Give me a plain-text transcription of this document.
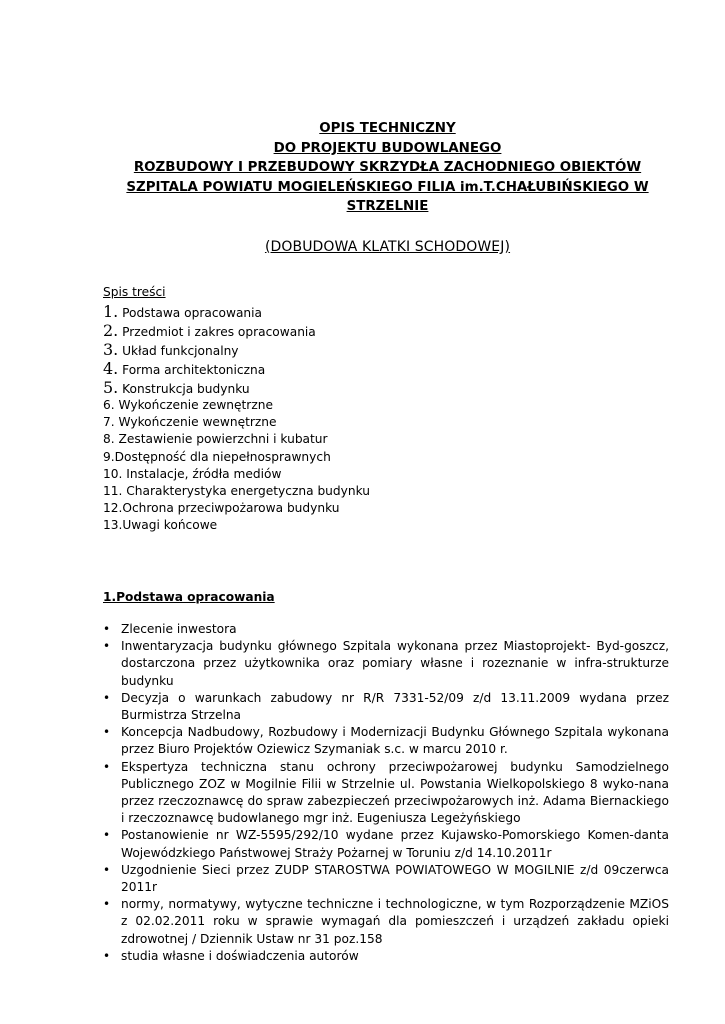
OPIS TECHNICZNY
DO PROJEKTU BUDOWLANEGO
ROZBUDOWY I PRZEBUDOWY SKRZYDŁA ZACHODNIEGO OBIEKTÓW
SZPITALA POWIATU MOGIELEŃSKIEGO FILIA im.T.CHAŁUBIŃSKIEGO W
STRZELNIE
(DOBUDOWA KLATKI SCHODOWEJ)
Spis treści
1. Podstawa opracowania
2. Przedmiot i zakres opracowania
3. Układ funkcjonalny
4. Forma architektoniczna
5. Konstrukcja budynku
6. Wykończenie zewnętrzne
7. Wykończenie wewnętrzne
8. Zestawienie powierzchni i kubatur
9.Dostępność dla niepełnosprawnych
10. Instalacje, źródła mediów
11. Charakterystyka energetyczna budynku
12.Ochrona przeciwpożarowa budynku
13.Uwagi końcowe
1.Podstawa opracowania
• Zlecenie inwestora
• Inwentaryzacja budynku głównego Szpitala wykonana przez Miastoprojekt- Byd-goszcz, dostarczona przez użytkownika oraz pomiary własne i rozeznanie w infra-strukturze budynku
• Decyzja o warunkach zabudowy nr R/R 7331-52/09 z/d 13.11.2009 wydana przez Burmistrza Strzelna
• Koncepcja Nadbudowy, Rozbudowy i Modernizacji Budynku Głównego Szpitala wykonana przez Biuro Projektów Oziewicz Szymaniak s.c. w marcu 2010 r.
• Ekspertyza techniczna stanu ochrony przeciwpożarowej budynku Samodzielnego Publicznego ZOZ w Mogilnie Filii w Strzelnie ul. Powstania Wielkopolskiego 8 wyko-nana przez rzeczoznawcę do spraw zabezpieczeń przeciwpożarowych inż. Adama Biernackiego i rzeczoznawcę budowlanego mgr inż. Eugeniusza Legeżyńskiego
• Postanowienie nr WZ-5595/292/10 wydane przez Kujawsko-Pomorskiego Komen-danta Wojewódzkiego Państwowej Straży Pożarnej w Toruniu z/d 14.10.2011r
• Uzgodnienie Sieci przez ZUDP STAROSTWA POWIATOWEGO W MOGILNIE z/d 09czerwca 2011r
• normy, normatywy, wytyczne techniczne i technologiczne, w tym Rozporządzenie MZiOS z 02.02.2011 roku w sprawie wymagań dla pomieszczeń i urządzeń zakładu opieki zdrowotnej / Dziennik Ustaw nr 31 poz.158
• studia własne i doświadczenia autorów
